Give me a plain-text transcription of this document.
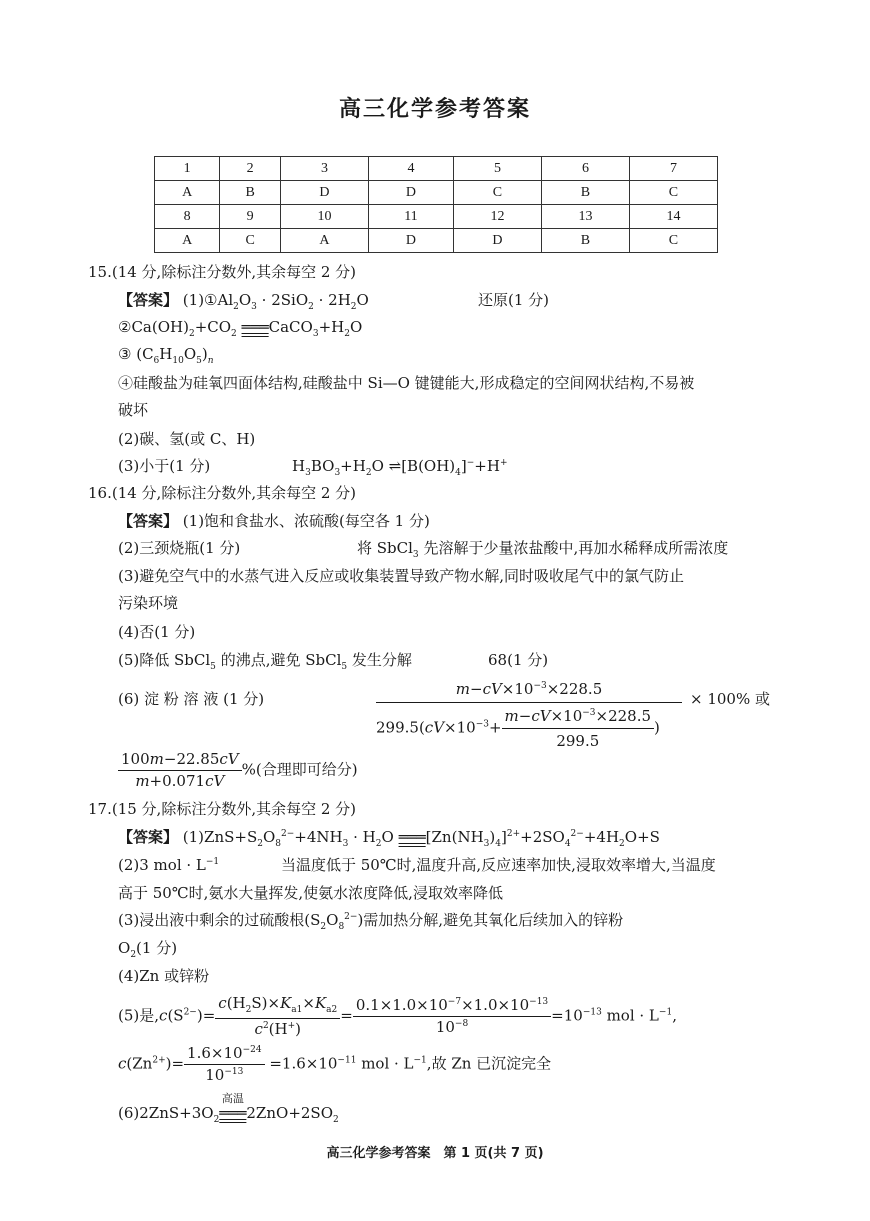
高三化学参考答案
1	2	3	4	5	6	7
A	B	D	D	C	B	C
8	9	10	11	12	13	14
A	C	A	D	D	B	C
15.(14 分,除标注分数外,其余每空 2 分)
【答案】 $(1)①Al_2O_3 \cdot 2SiO_2 \cdot 2H_2O$	还原(1 分)
$②Ca(OH)_2+CO_2$ $═══CaCO_3+H_2O$
③ $(C_6H_{10}O_5)_n$
④硅酸盐为硅氧四面体结构,硅酸盐中 Si—O 键键能大,形成稳定的空间网状结构,不易被
破坏
(2)碳、氢(或 C、H)
(3)小于(1 分)	$H_3BO_3+H_2O$ $\rightleftharpoons[B(OH)_4]^-+H^+$
16.(14 分,除标注分数外,其余每空 2 分)
【答案】 (1)饱和食盐水、浓硫酸(每空各 1 分)
(2)三颈烧瓶(1 分)	将 SbCl$_3$ 先溶解于少量浓盐酸中,再加水稀释成所需浓度
(3)避免空气中的水蒸气进入反应或收集装置导致产物水解,同时吸收尾气中的氯气防止
污染环境
(4)否(1 分)
(5)降低 SbCl$_5$ 的沸点,避免 SbCl$_5$ 发生分解	68(1 分)
(6) 淀 粉 溶 液 (1 分)	$\frac{m-cV\times 10^{-3}\times 228.5}{299.5(cV\times 10^{-3}+ \frac{m-cV\times 10^{-3}\times 228.5}{299.5} )} \times 100\%$ 或
$\frac{100m-22.85cV}{m+0.071cV}$ %(合理即可给分)
17.(15 分,除标注分数外,其余每空 2 分)
【答案】 $(1)ZnS+S_2O_8^{2-}+4NH_3 \cdot H_2O$ $═══[Zn(NH_3)_4]^{2+}+2SO_4^{2-}+4H_2O+S$
(2)3 mol · $L^{-1}$	当温度低于 50℃时,温度升高,反应速率加快,浸取效率增大,当温度
高于 50℃时,氨水大量挥发,使氨水浓度降低,浸取效率降低
(3)浸出液中剩余的过硫酸根$(S_2O_8^{2-})$需加热分解,避免其氧化后续加入的锌粉
$O_2(1$ 分)
(4)Zn 或锌粉
(5)是$,c(S^{2-})= \frac{c(H_2S)\times K_{a1}\times K_{a2}}{c^2(H^+)} = \frac{0.1\times 1.0\times 10^{-7}\times 1.0\times 10^{-13}}{10^{-8}} =10^{-13}$ mol · $L^{-1}$,
$c(Zn^{2+})= \frac{1.6\times 10^{-24}}{10^{-13}} =1.6\times 10^{-11}$ mol · $L^{-1}$,故 Zn 已沉淀完全
$(6)2ZnS+3O_2$
高温
$═══2ZnO+2SO_2$
高三化学参考答案　第 1 页(共 7 页)
